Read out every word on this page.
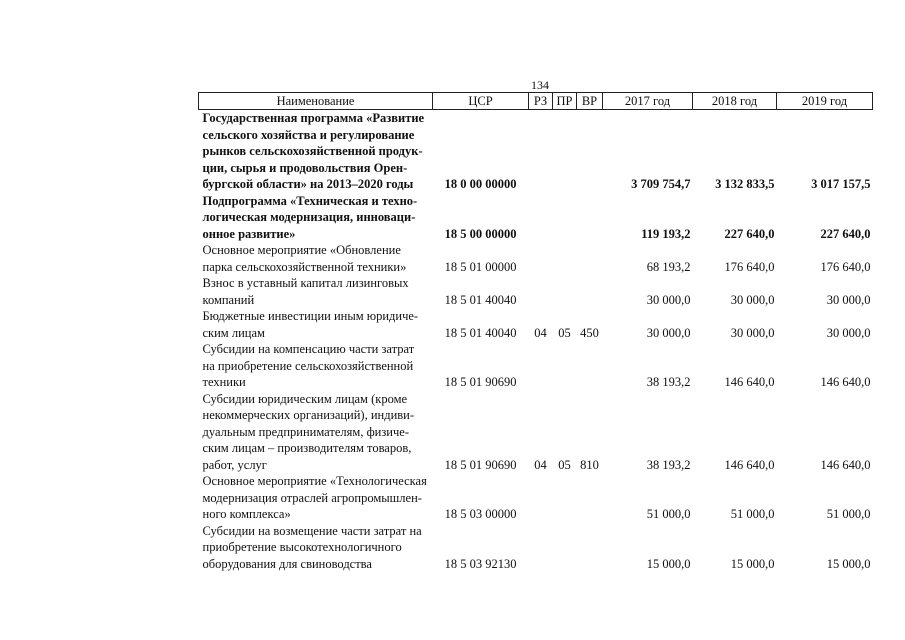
134
Наименование	ЦСР	РЗ	ПР	ВР	2017 год	2018 год	2019 год
Государственная программа «Развитие
сельского хозяйства и регулирование
рынков сельскохозяйственной продук-
ции, сырья и продовольствия Орен-
бургской области» на 2013–2020 годы	18 0 00 00000				3 709 754,7	3 132 833,5	3 017 157,5
Подпрограмма «Техническая и техно-
логическая модернизация, инноваци-
онное развитие»	18 5 00 00000				119 193,2	227 640,0	227 640,0
Основное мероприятие «Обновление
парка сельскохозяйственной техники»	18 5 01 00000				68 193,2	176 640,0	176 640,0
Взнос в уставный капитал лизинговых
компаний	18 5 01 40040				30 000,0	30 000,0	30 000,0
Бюджетные инвестиции иным юридиче-
ским лицам	18 5 01 40040	04	05	450	30 000,0	30 000,0	30 000,0
Субсидии на компенсацию части затрат
на приобретение сельскохозяйственной
техники	18 5 01 90690				38 193,2	146 640,0	146 640,0
Субсидии юридическим лицам (кроме
некоммерческих организаций), индиви-
дуальным предпринимателям, физиче-
ским лицам – производителям товаров,
работ, услуг	18 5 01 90690	04	05	810	38 193,2	146 640,0	146 640,0
Основное мероприятие «Технологическая
модернизация отраслей агропромышлен-
ного комплекса»	18 5 03 00000				51 000,0	51 000,0	51 000,0
Субсидии на возмещение части затрат на
приобретение высокотехнологичного
оборудования для свиноводства	18 5 03 92130				15 000,0	15 000,0	15 000,0
